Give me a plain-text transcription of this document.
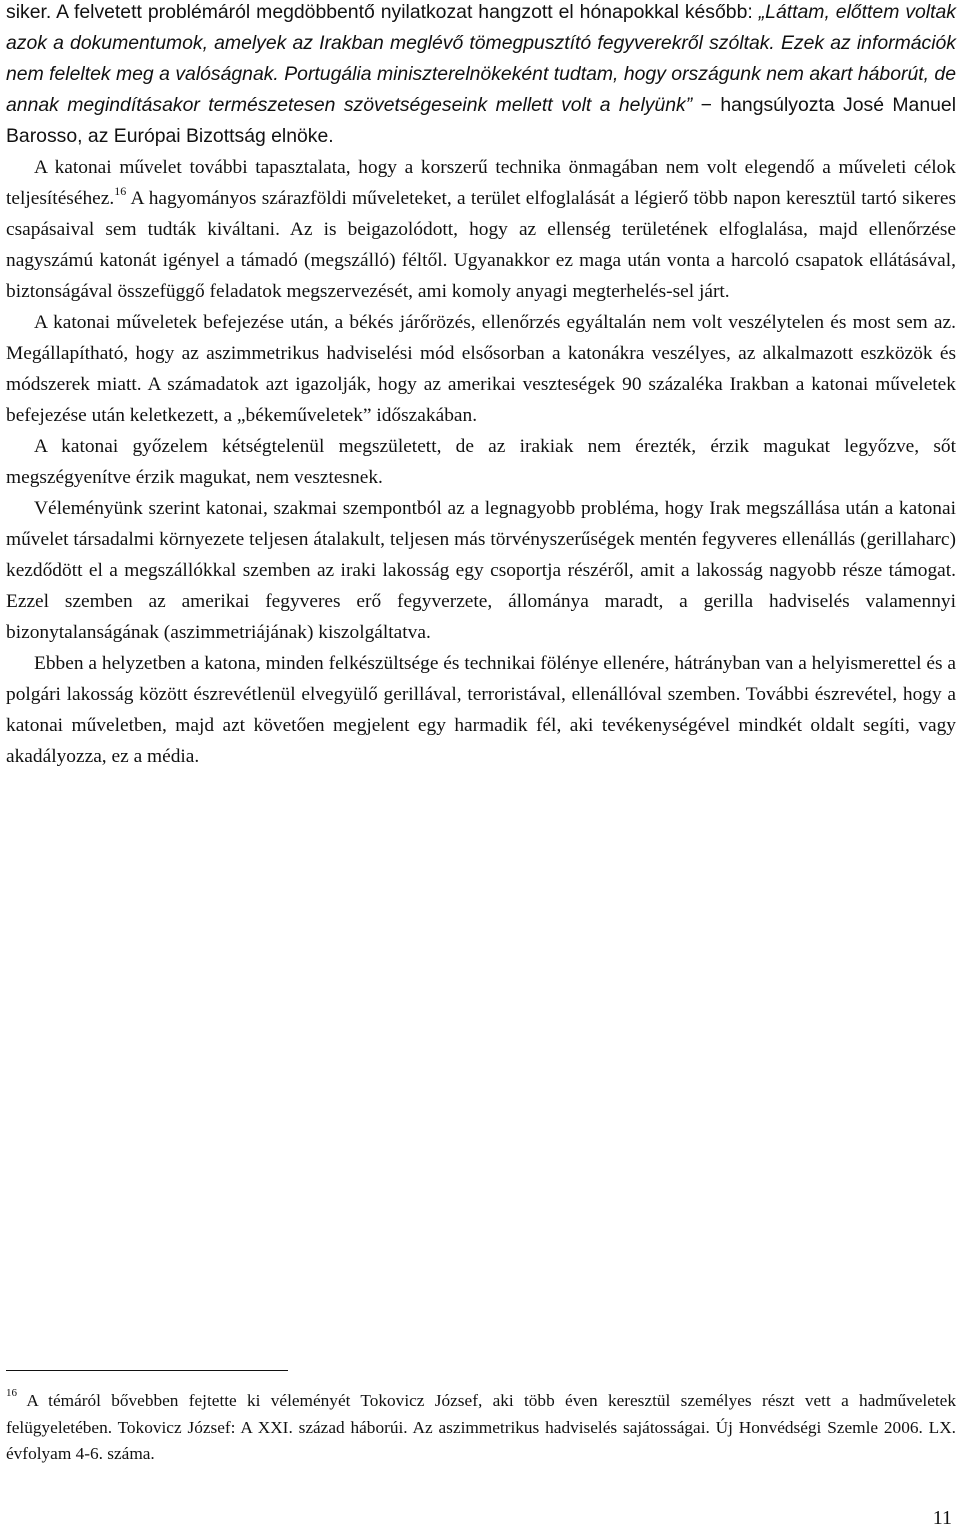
siker. A felvetett problémáról megdöbbentő nyilatkozat hangzott el hónapokkal később: „Láttam, előttem voltak azok a dokumentumok, amelyek az Irakban meglévő tömegpusztító fegyverekről szóltak. Ezek az információk nem feleltek meg a valóságnak. Portugália miniszterelnökeként tudtam, hogy országunk nem akart háborút, de annak megindításakor természetesen szövetségeseink mellett volt a helyünk” − hangsúlyozta José Manuel Barosso, az Európai Bizottság elnöke.

A katonai művelet további tapasztalata, hogy a korszerű technika önmagában nem volt elegendő a műveleti célok teljesítéséhez.$^{16}$ A hagyományos szárazföldi műveleteket, a terület elfoglalását a légierő több napon keresztül tartó sikeres csapásaival sem tudták kiváltani. Az is beigazolódott, hogy az ellenség területének elfoglalása, majd ellenőrzése nagyszámú katonát igényel a támadó (megszálló) féltől. Ugyanakkor ez maga után vonta a harcoló csapatok ellátásával, biztonságával összefüggő feladatok megszervezését, ami komoly anyagi megterhelés-sel járt.

A katonai műveletek befejezése után, a békés járőrözés, ellenőrzés egyáltalán nem volt veszélytelen és most sem az. Megállapítható, hogy az aszimmetrikus hadviselési mód elsősorban a katonákra veszélyes, az alkalmazott eszközök és módszerek miatt. A számadatok azt igazolják, hogy az amerikai veszteségek 90 százaléka Irakban a katonai műveletek befejezése után keletkezett, a „békeműveletek” időszakában.

A katonai győzelem kétségtelenül megszületett, de az irakiak nem érezték, érzik magukat legyőzve, sőt megszégyenítve érzik magukat, nem vesztesnek.

Véleményünk szerint katonai, szakmai szempontból az a legnagyobb probléma, hogy Irak megszállása után a katonai művelet társadalmi környezete teljesen átalakult, teljesen más törvényszerűségek mentén fegyveres ellenállás (gerillaharc) kezdődött el a megszállókkal szemben az iraki lakosság egy csoportja részéről, amit a lakosság nagyobb része támogat. Ezzel szemben az amerikai fegyveres erő fegyverzete, állománya maradt, a gerilla hadviselés valamennyi bizonytalanságának (aszimmetriájának) kiszolgáltatva.

Ebben a helyzetben a katona, minden felkészültsége és technikai fölénye ellenére, hátrányban van a helyismerettel és a polgári lakosság között észrevétlenül elvegyülő gerillával, terroristával, ellenállóval szemben. További észrevétel, hogy a katonai műveletben, majd azt követően megjelent egy harmadik fél, aki tevékenységével mindkét oldalt segíti, vagy akadályozza, ez a média.

$^{16}$ A témáról bővebben fejtette ki véleményét Tokovicz József, aki több éven keresztül személyes részt vett a hadműveletek felügyeletében. Tokovicz József: A XXI. század háborúi. Az aszimmetrikus hadviselés sajátosságai. Új Honvédségi Szemle 2006. LX. évfolyam 4-6. száma.

11
